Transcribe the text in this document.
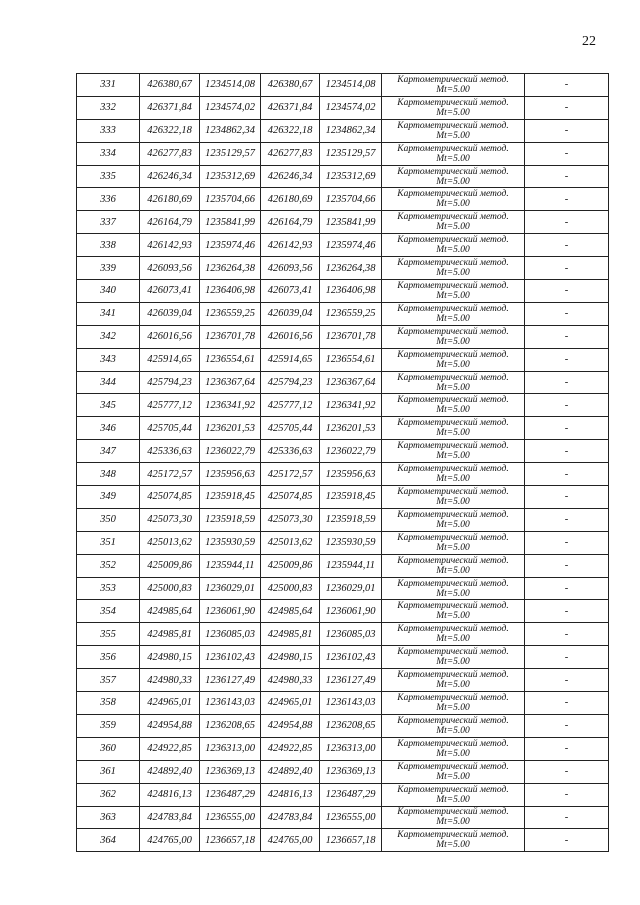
22
331	426380,67	1234514,08	426380,67	1234514,08	Картометрический метод.
Mt=5.00	-
332	426371,84	1234574,02	426371,84	1234574,02	Картометрический метод.
Mt=5.00	-
333	426322,18	1234862,34	426322,18	1234862,34	Картометрический метод.
Mt=5.00	-
334	426277,83	1235129,57	426277,83	1235129,57	Картометрический метод.
Mt=5.00	-
335	426246,34	1235312,69	426246,34	1235312,69	Картометрический метод.
Mt=5.00	-
336	426180,69	1235704,66	426180,69	1235704,66	Картометрический метод.
Mt=5.00	-
337	426164,79	1235841,99	426164,79	1235841,99	Картометрический метод.
Mt=5.00	-
338	426142,93	1235974,46	426142,93	1235974,46	Картометрический метод.
Mt=5.00	-
339	426093,56	1236264,38	426093,56	1236264,38	Картометрический метод.
Mt=5.00	-
340	426073,41	1236406,98	426073,41	1236406,98	Картометрический метод.
Mt=5.00	-
341	426039,04	1236559,25	426039,04	1236559,25	Картометрический метод.
Mt=5.00	-
342	426016,56	1236701,78	426016,56	1236701,78	Картометрический метод.
Mt=5.00	-
343	425914,65	1236554,61	425914,65	1236554,61	Картометрический метод.
Mt=5.00	-
344	425794,23	1236367,64	425794,23	1236367,64	Картометрический метод.
Mt=5.00	-
345	425777,12	1236341,92	425777,12	1236341,92	Картометрический метод.
Mt=5.00	-
346	425705,44	1236201,53	425705,44	1236201,53	Картометрический метод.
Mt=5.00	-
347	425336,63	1236022,79	425336,63	1236022,79	Картометрический метод.
Mt=5.00	-
348	425172,57	1235956,63	425172,57	1235956,63	Картометрический метод.
Mt=5.00	-
349	425074,85	1235918,45	425074,85	1235918,45	Картометрический метод.
Mt=5.00	-
350	425073,30	1235918,59	425073,30	1235918,59	Картометрический метод.
Mt=5.00	-
351	425013,62	1235930,59	425013,62	1235930,59	Картометрический метод.
Mt=5.00	-
352	425009,86	1235944,11	425009,86	1235944,11	Картометрический метод.
Mt=5.00	-
353	425000,83	1236029,01	425000,83	1236029,01	Картометрический метод.
Mt=5.00	-
354	424985,64	1236061,90	424985,64	1236061,90	Картометрический метод.
Mt=5.00	-
355	424985,81	1236085,03	424985,81	1236085,03	Картометрический метод.
Mt=5.00	-
356	424980,15	1236102,43	424980,15	1236102,43	Картометрический метод.
Mt=5.00	-
357	424980,33	1236127,49	424980,33	1236127,49	Картометрический метод.
Mt=5.00	-
358	424965,01	1236143,03	424965,01	1236143,03	Картометрический метод.
Mt=5.00	-
359	424954,88	1236208,65	424954,88	1236208,65	Картометрический метод.
Mt=5.00	-
360	424922,85	1236313,00	424922,85	1236313,00	Картометрический метод.
Mt=5.00	-
361	424892,40	1236369,13	424892,40	1236369,13	Картометрический метод.
Mt=5.00	-
362	424816,13	1236487,29	424816,13	1236487,29	Картометрический метод.
Mt=5.00	-
363	424783,84	1236555,00	424783,84	1236555,00	Картометрический метод.
Mt=5.00	-
364	424765,00	1236657,18	424765,00	1236657,18	Картометрический метод.
Mt=5.00	-
